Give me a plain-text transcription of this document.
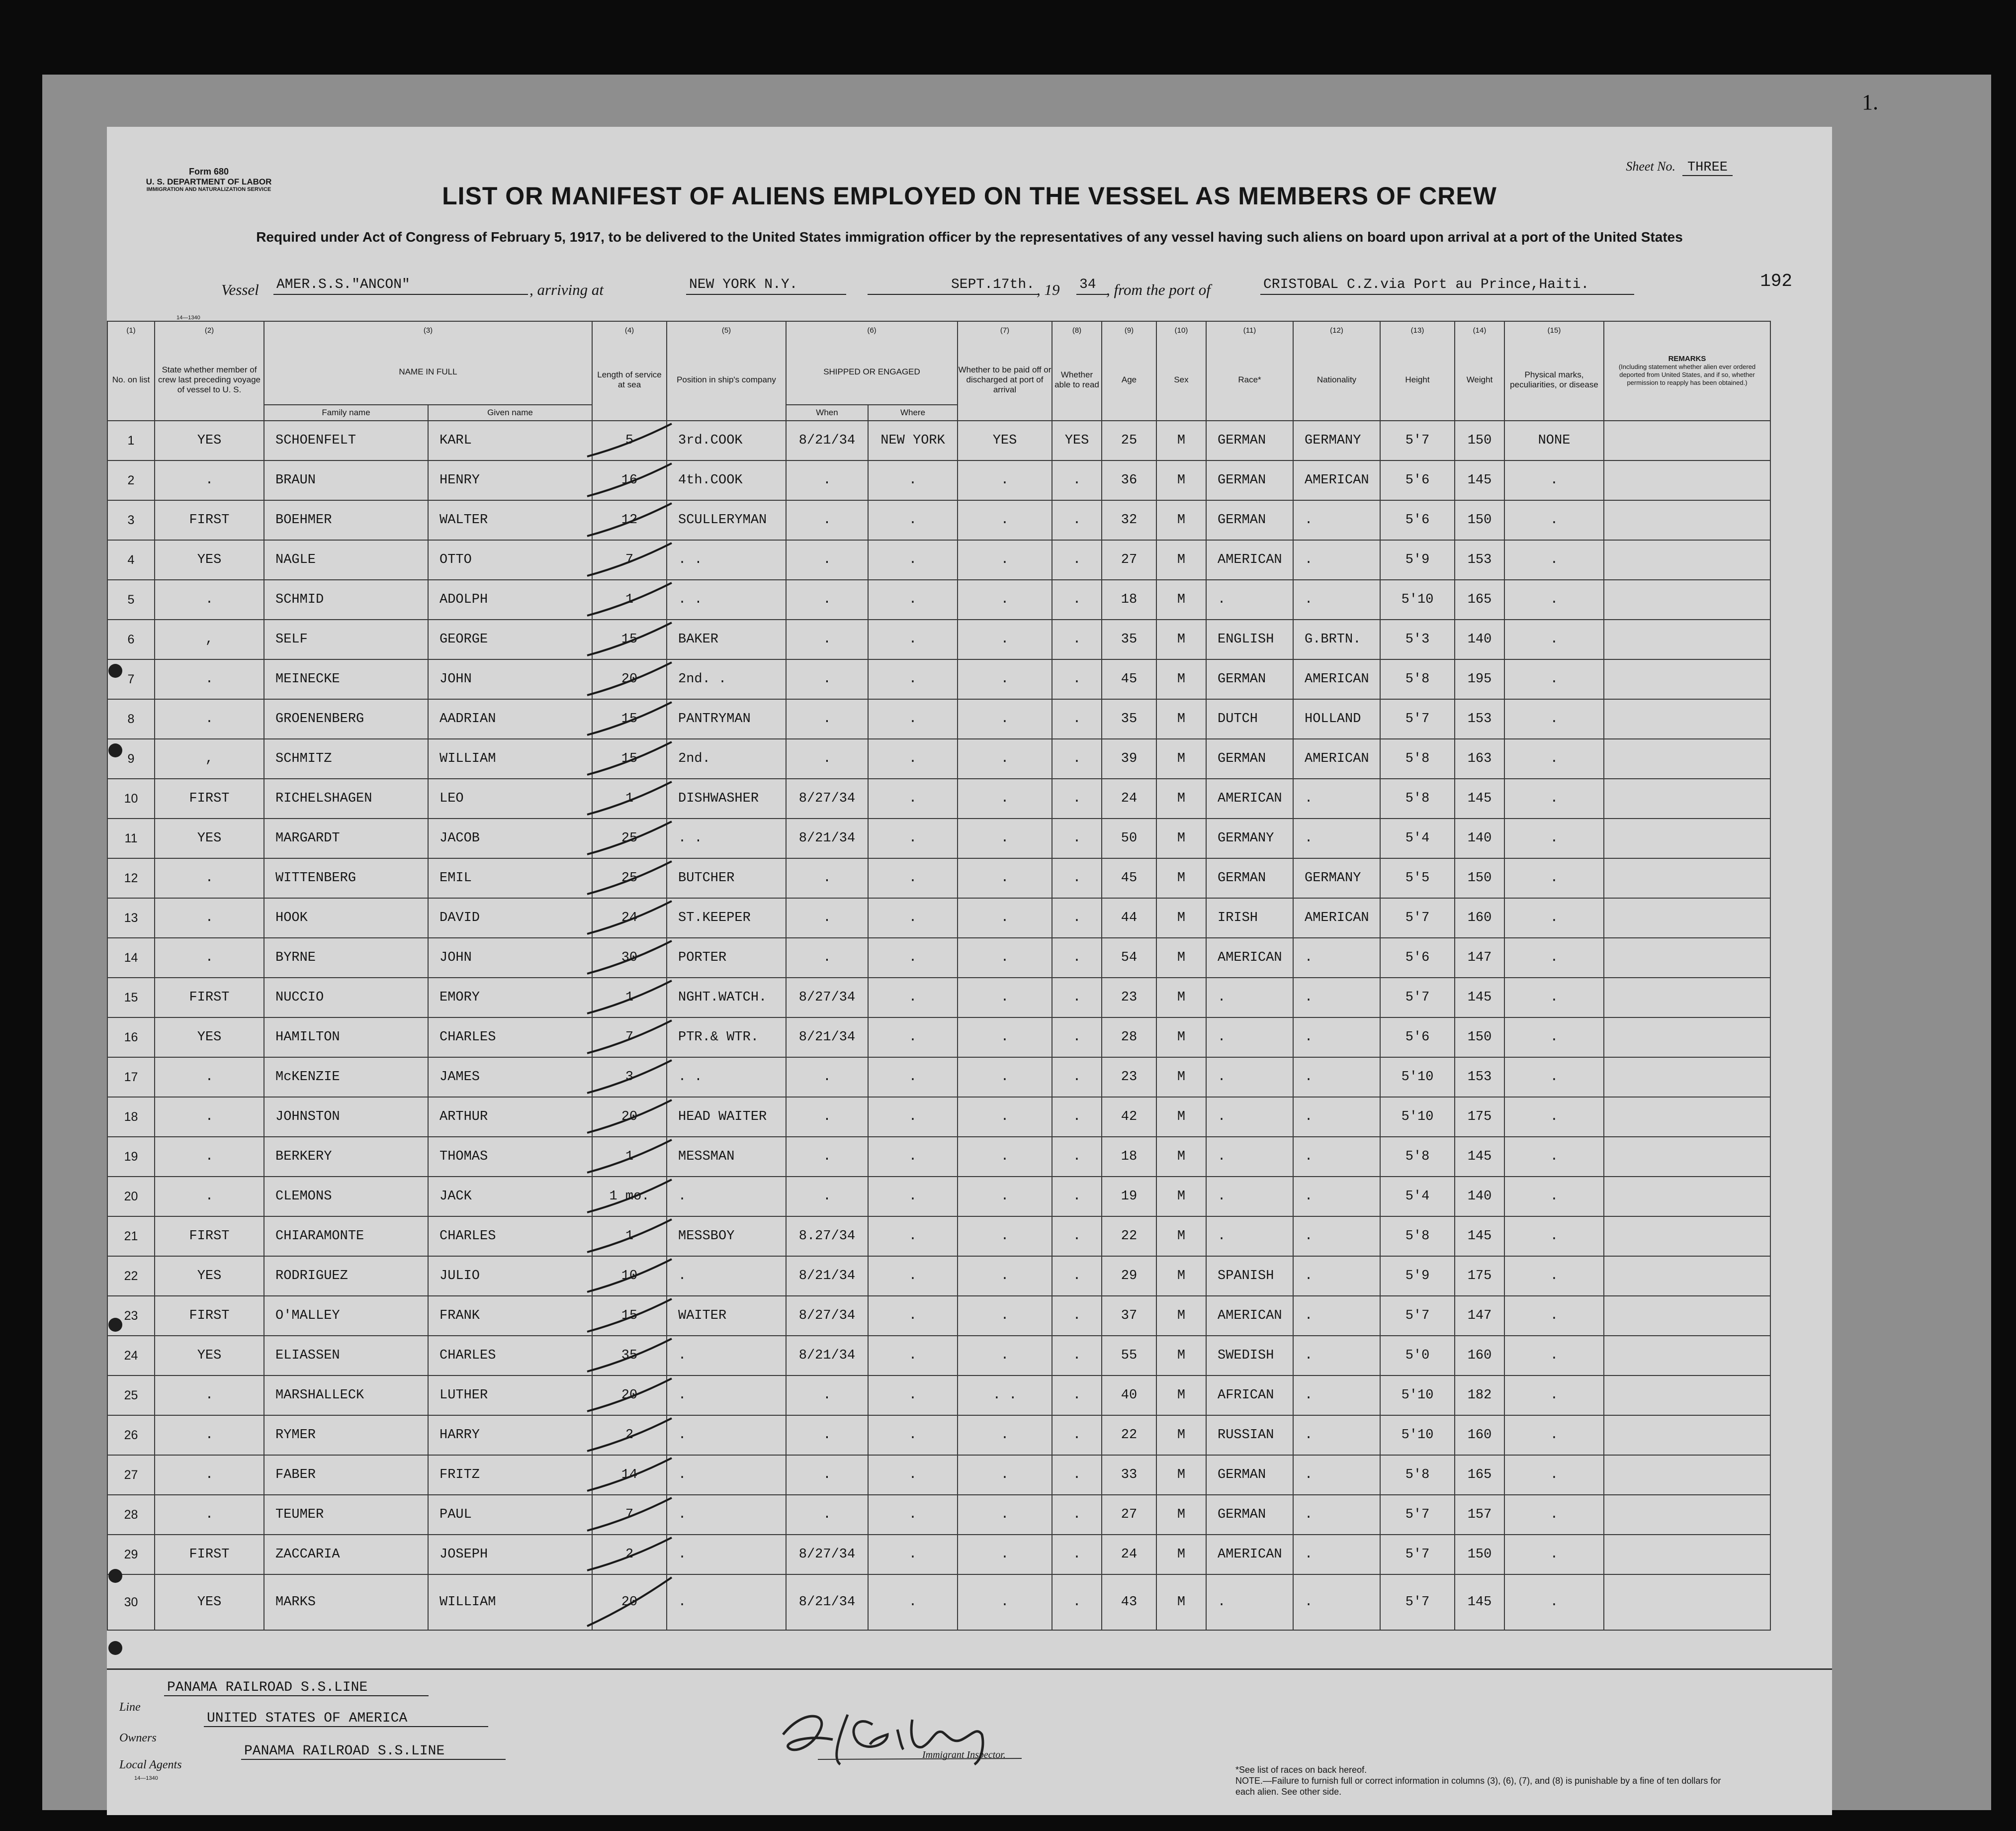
1.
Form 680
U. S. DEPARTMENT OF LABOR
IMMIGRATION AND NATURALIZATION SERVICE
Sheet No. THREE
LIST OR MANIFEST OF ALIENS EMPLOYED ON THE VESSEL AS MEMBERS OF CREW
Required under Act of Congress of February 5, 1917, to be delivered to the United States immigration officer by the representatives of any vessel having such aliens on board upon arrival at a port of the United States
Vessel AMER.S.S."ANCON"	, arriving at	NEW YORK N.Y.	SEPT.17th. , 19 34 , from the port of	CRISTOBAL C.Z.via Port au Prince,Haiti.	192
14—1340
(1)	(2)	(3)		(4)	(5)	(6)		(7)	(8)	(9)	(10)	(11)	(12)	(13)	(14)	(15)	REMARKS
(Including statement whether alien ever ordered deported from United States, and if so, whether permission to reapply has been obtained.)

No. on list	State whether member of crew last preceding voyage of vessel to U. S.	NAME IN FULL		Length of service at sea	Position in ship's company	SHIPPED OR ENGAGED		Whether to be paid off or discharged at port of arrival	Whether able to read	Age	Sex	Race*	Nationality	Height	Weight	Physical marks, peculiarities, or disease	
		Family name	Given name			When	Where										
1	YES	SCHOENFELT	KARL	5	3rd.COOK	8/21/34	NEW YORK	YES	YES	25	M	GERMAN	GERMANY	5'7	150	NONE	
2	.	BRAUN	HENRY	16	4th.COOK	.	.	.	.	36	M	GERMAN	AMERICAN	5'6	145	.	
3	FIRST	BOEHMER	WALTER	12	SCULLERYMAN	.	.	.	.	32	M	GERMAN	.	5'6	150	.	
4	YES	NAGLE	OTTO	7	. .	.	.	.	.	27	M	AMERICAN	.	5'9	153	.	
5	.	SCHMID	ADOLPH	1	. .	.	.	.	.	18	M	.	.	5'10	165	.	
6	,	SELF	GEORGE	15	BAKER	.	.	.	.	35	M	ENGLISH	G.BRTN.	5'3	140	.	
7	.	MEINECKE	JOHN	20	2nd. .	.	.	.	.	45	M	GERMAN	AMERICAN	5'8	195	.	
8	.	GROENENBERG	AADRIAN	15	PANTRYMAN	.	.	.	.	35	M	DUTCH	HOLLAND	5'7	153	.	
9	,	SCHMITZ	WILLIAM	15	2nd.	.	.	.	.	39	M	GERMAN	AMERICAN	5'8	163	.	
10	FIRST	RICHELSHAGEN	LEO	1	DISHWASHER	8/27/34	.	.	.	24	M	AMERICAN	.	5'8	145	.	
11	YES	MARGARDT	JACOB	25	. .	8/21/34	.	.	.	50	M	GERMANY	.	5'4	140	.	
12	.	WITTENBERG	EMIL	25	BUTCHER	.	.	.	.	45	M	GERMAN	GERMANY	5'5	150	.	
13	.	HOOK	DAVID	24	ST.KEEPER	.	.	.	.	44	M	IRISH	AMERICAN	5'7	160	.	
14	.	BYRNE	JOHN	30	PORTER	.	.	.	.	54	M	AMERICAN	.	5'6	147	.	
15	FIRST	NUCCIO	EMORY	1	NGHT.WATCH.	8/27/34	.	.	.	23	M	.	.	5'7	145	.	
16	YES	HAMILTON	CHARLES	7	PTR.& WTR.	8/21/34	.	.	.	28	M	.	.	5'6	150	.	
17	.	McKENZIE	JAMES	3	. .	.	.	.	.	23	M	.	.	5'10	153	.	
18	.	JOHNSTON	ARTHUR	20	HEAD WAITER	.	.	.	.	42	M	.	.	5'10	175	.	
19	.	BERKERY	THOMAS	1	MESSMAN	.	.	.	.	18	M	.	.	5'8	145	.	
20	.	CLEMONS	JACK	1 mo.	.	.	.	.	.	19	M	.	.	5'4	140	.	
21	FIRST	CHIARAMONTE	CHARLES	1	MESSBOY	8.27/34	.	.	.	22	M	.	.	5'8	145	.	
22	YES	RODRIGUEZ	JULIO	10	.	8/21/34	.	.	.	29	M	SPANISH	.	5'9	175	.	
23	FIRST	O'MALLEY	FRANK	15	WAITER	8/27/34	.	.	.	37	M	AMERICAN	.	5'7	147	.	
24	YES	ELIASSEN	CHARLES	35	.	8/21/34	.	.	.	55	M	SWEDISH	.	5'0	160	.	
25	.	MARSHALLECK	LUTHER	20	.	.	.	. .	.	40	M	AFRICAN	.	5'10	182	.	
26	.	RYMER	HARRY	2	.	.	.	.	.	22	M	RUSSIAN	.	5'10	160	.	
27	.	FABER	FRITZ	14	.	.	.	.	.	33	M	GERMAN	.	5'8	165	.	
28	.	TEUMER	PAUL	7	.	.	.	.	.	27	M	GERMAN	.	5'7	157	.	
29	FIRST	ZACCARIA	JOSEPH	2	.	8/27/34	.	.	.	24	M	AMERICAN	.	5'7	150	.	
30	YES	MARKS	WILLIAM	20	.	8/21/34	.	.	.	43	M	.	.	5'7	145	.	
PANAMA RAILROAD S.S.LINE
Line
UNITED STATES OF AMERICA
Owners
PANAMA RAILROAD S.S.LINE
Local Agents
14—1340
Immigrant Inspector.
*See list of races on back hereof.
NOTE.—Failure to furnish full or correct information in columns (3), (6), (7), and (8) is punishable by a fine of ten dollars for each alien. See other side.
